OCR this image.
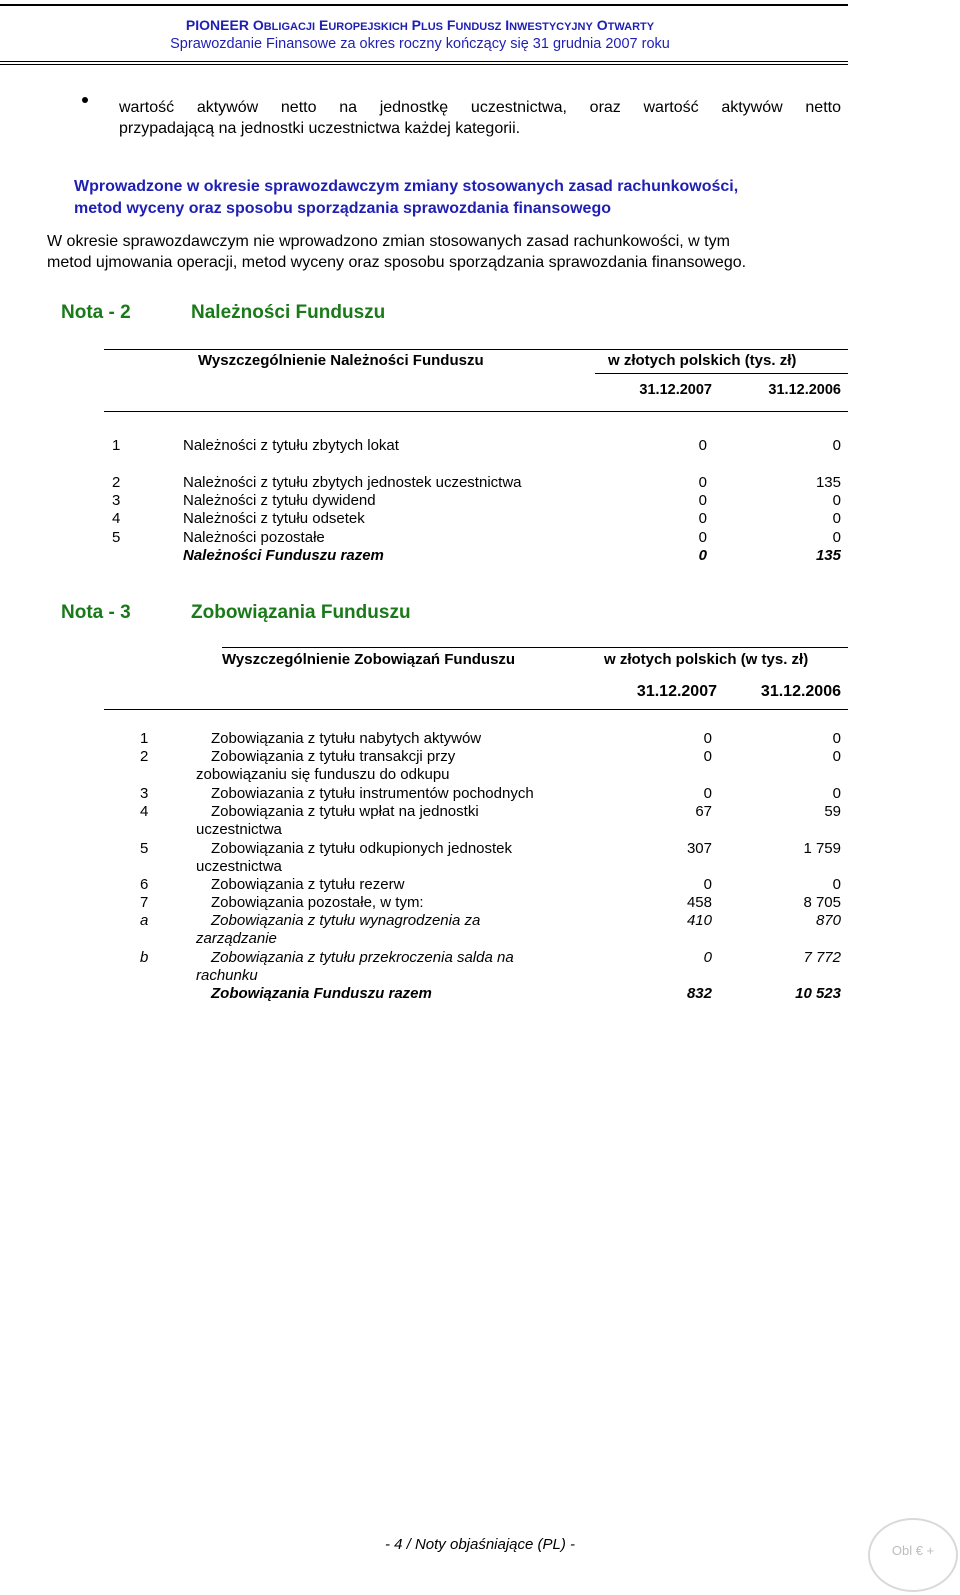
PIONEER OBLIGACJI EUROPEJSKICH PLUS FUNDUSZ INWESTYCYJNY OTWARTY
Sprawozdanie Finansowe za okres roczny kończący się 31 grudnia 2007 roku
wartość aktywów netto na jednostkę uczestnictwa, oraz wartość aktywów netto
przypadającą na jednostki uczestnictwa każdej kategorii.
Wprowadzone w okresie sprawozdawczym zmiany stosowanych zasad rachunkowości,
metod wyceny oraz sposobu sporządzania sprawozdania finansowego
W okresie sprawozdawczym nie wprowadzono zmian stosowanych zasad rachunkowości, w tym
metod ujmowania operacji, metod wyceny oraz sposobu sporządzania sprawozdania finansowego.
Nota - 2	Należności Funduszu
Wyszczególnienie Należności Funduszu	w złotych polskich (tys. zł)
31.12.2007	31.12.2006
1	Należności z tytułu zbytych lokat	0	0
2	Należności z tytułu zbytych jednostek uczestnictwa	0	135
3	Należności z tytułu dywidend	0	0
4	Należności z tytułu odsetek	0	0
5	Należności pozostałe	0	0
Należności Funduszu razem	0	135
Nota - 3	Zobowiązania Funduszu
Wyszczególnienie Zobowiązań Funduszu	w złotych polskich (w tys. zł)
31.12.2007	31.12.2006
1	Zobowiązania z tytułu nabytych aktywów	0	0
2	Zobowiązania z tytułu transakcji przy
zobowiązaniu się funduszu do odkupu
0	0
3	Zobowiazania z tytułu instrumentów pochodnych	0	0
4	Zobowiązania z tytułu wpłat na jednostki
uczestnictwa
67	59
5	Zobowiązania z tytułu odkupionych jednostek
uczestnictwa
307	1 759
6	Zobowiązania z tytułu rezerw	0	0
7	Zobowiązania pozostałe, w tym:	458	8 705
a	Zobowiązania z tytułu wynagrodzenia za
zarządzanie
410	870
b	Zobowiązania z tytułu przekroczenia salda na
rachunku
0	7 772
Zobowiązania Funduszu razem	832	10 523
- 4 / Noty objaśniające (PL) -	Obl € +
